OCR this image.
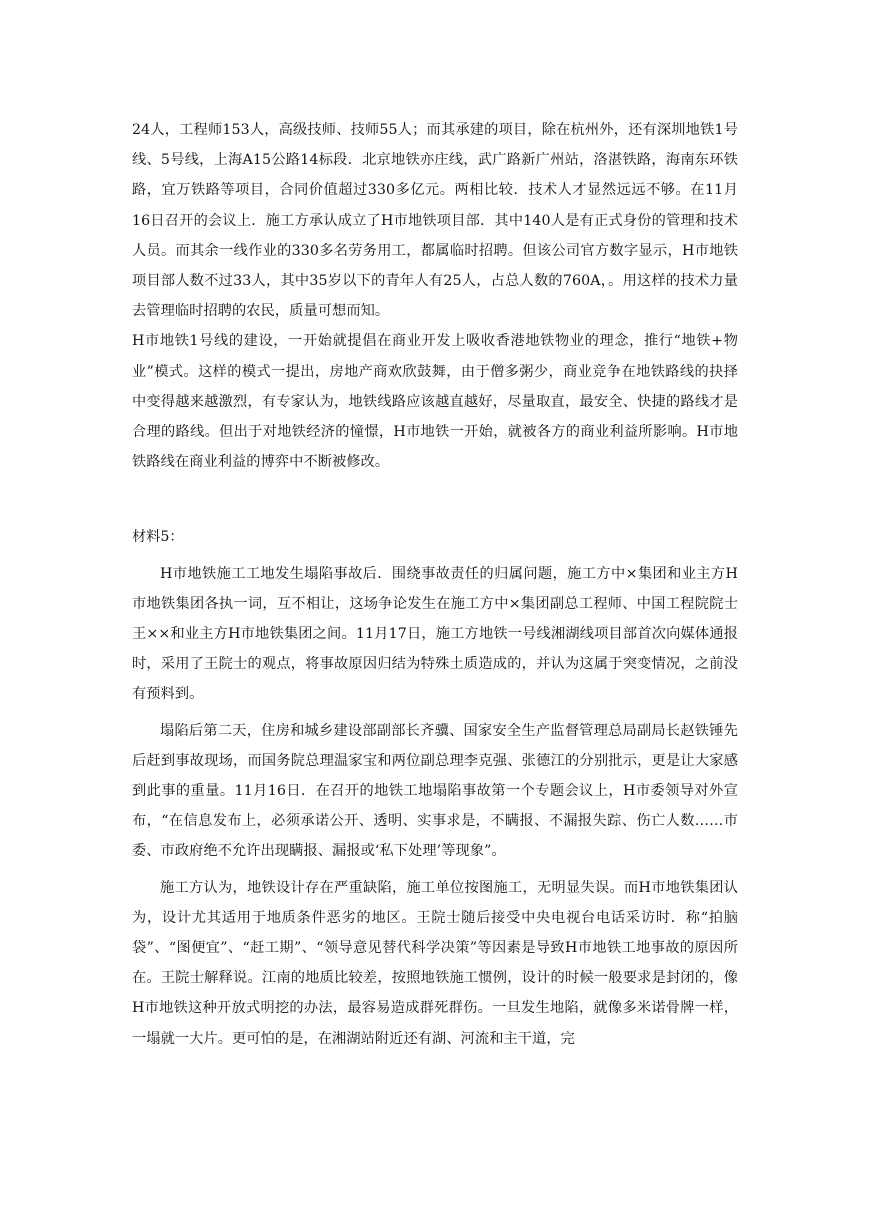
24人，工程师153人，高级技师、技师55人；而其承建的项目，除在杭州外，还有深圳地铁1号线、5号线，上海A15公路14标段．北京地铁亦庄线，武广路新广州站，洛湛铁路，海南东环铁路，宜万铁路等项目，合同价值超过330多亿元。两相比较．技术人才显然远远不够。在11月16日召开的会议上．施工方承认成立了H市地铁项目部．其中140人是有正式身份的管理和技术人员。而其余一线作业的330多名劳务用工，都属临时招聘。但该公司官方数字显示，H市地铁项目部人数不过33人，其中35岁以下的青年人有25人，占总人数的760A，。用这样的技术力量去管理临时招聘的农民，质量可想而知。

H市地铁1号线的建设，一开始就提倡在商业开发上吸收香港地铁物业的理念，推行“地铁+物业”模式。这样的模式一提出，房地产商欢欣鼓舞，由于僧多粥少，商业竞争在地铁路线的抉择中变得越来越激烈，有专家认为，地铁线路应该越直越好，尽量取直，最安全、快捷的路线才是合理的路线。但出于对地铁经济的憧憬，H市地铁一开始，就被各方的商业利益所影响。H市地铁路线在商业利益的博弈中不断被修改。

材料5：

H市地铁施工工地发生塌陷事故后．围绕事故责任的归属问题，施工方中×集团和业主方H市地铁集团各执一词，互不相让，这场争论发生在施工方中×集团副总工程师、中国工程院院士王××和业主方H市地铁集团之间。11月17日，施工方地铁一号线湘湖线项目部首次向媒体通报时，采用了王院士的观点，将事故原因归结为特殊土质造成的，并认为这属于突变情况，之前没有预料到。

塌陷后第二天，住房和城乡建设部副部长齐骥、国家安全生产监督管理总局副局长赵铁锤先后赶到事故现场，而国务院总理温家宝和两位副总理李克强、张德江的分别批示，更是让大家感到此事的重量。11月16日．在召开的地铁工地塌陷事故第一个专题会议上，H市委领导对外宣布，“在信息发布上，必须承诺公开、透明、实事求是，不瞒报、不漏报失踪、伤亡人数……市委、市政府绝不允许出现瞒报、漏报或‘私下处理’等现象”。

施工方认为，地铁设计存在严重缺陷，施工单位按图施工，无明显失误。而H市地铁集团认为，设计尤其适用于地质条件恶劣的地区。王院士随后接受中央电视台电话采访时．称“拍脑袋”、“图便宜”、“赶工期”、“领导意见替代科学决策”等因素是导致H市地铁工地事故的原因所在。王院士解释说。江南的地质比较差，按照地铁施工惯例，设计的时候一般要求是封闭的，像H市地铁这种开放式明挖的办法，最容易造成群死群伤。一旦发生地陷，就像多米诺骨牌一样，一塌就一大片。更可怕的是，在湘湖站附近还有湖、河流和主干道，完
